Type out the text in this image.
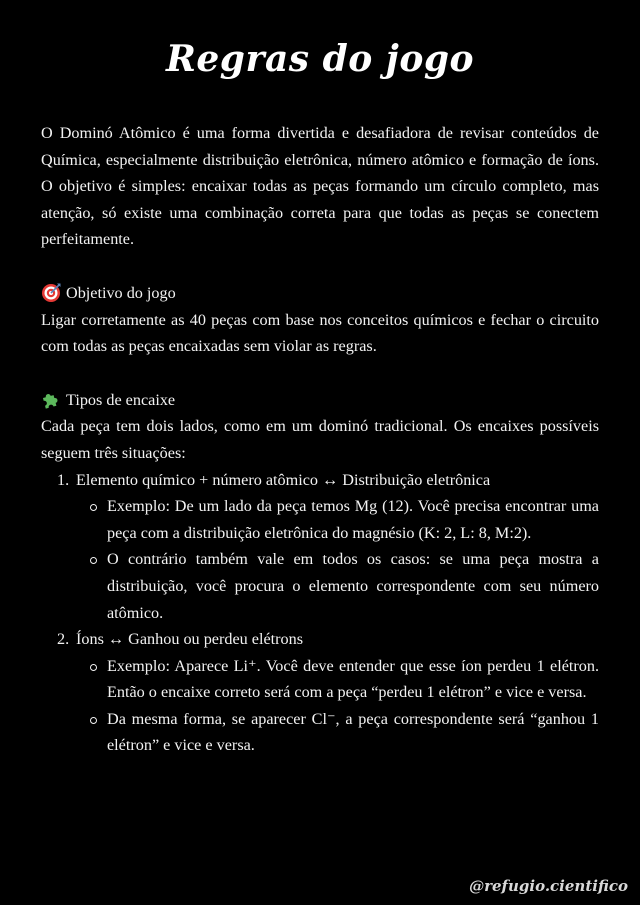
Regras do jogo

O Dominó Atômico é uma forma divertida e desafiadora de revisar conteúdos de Química, especialmente distribuição eletrônica, número atômico e formação de íons. O objetivo é simples: encaixar todas as peças formando um círculo completo, mas atenção, só existe uma combinação correta para que todas as peças se conectem perfeitamente.

Objetivo do jogo

Ligar corretamente as 40 peças com base nos conceitos químicos e fechar o circuito com todas as peças encaixadas sem violar as regras.

Tipos de encaixe

Cada peça tem dois lados, como em um dominó tradicional. Os encaixes possíveis seguem três situações:

1. Elemento químico + número atômico ↔ Distribuição eletrônica
Exemplo: De um lado da peça temos Mg (12). Você precisa encontrar uma peça com a distribuição eletrônica do magnésio (K: 2, L: 8, M:2).
O contrário também vale em todos os casos: se uma peça mostra a distribuição, você procura o elemento correspondente com seu número atômico.
2. Íons ↔ Ganhou ou perdeu elétrons
Exemplo: Aparece Li⁺. Você deve entender que esse íon perdeu 1 elétron. Então o encaixe correto será com a peça “perdeu 1 elétron” e vice e versa.
Da mesma forma, se aparecer Cl⁻, a peça correspondente será “ganhou 1 elétron” e vice e versa.
@refugio.cientifico
